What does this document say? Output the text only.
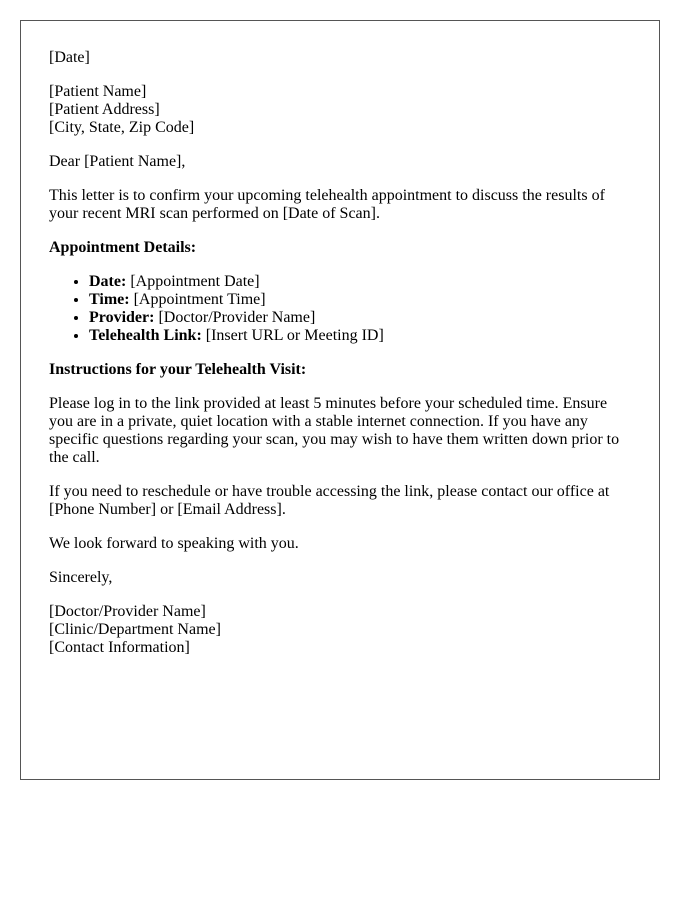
[Date]

[Patient Name]
[Patient Address]
[City, State, Zip Code]

Dear [Patient Name],

This letter is to confirm your upcoming telehealth appointment to discuss the results of your recent MRI scan performed on [Date of Scan].

Appointment Details:

• Date: [Appointment Date]
• Time: [Appointment Time]
• Provider: [Doctor/Provider Name]
• Telehealth Link: [Insert URL or Meeting ID]

Instructions for your Telehealth Visit:

Please log in to the link provided at least 5 minutes before your scheduled time. Ensure you are in a private, quiet location with a stable internet connection. If you have any specific questions regarding your scan, you may wish to have them written down prior to the call.

If you need to reschedule or have trouble accessing the link, please contact our office at [Phone Number] or [Email Address].

We look forward to speaking with you.

Sincerely,

[Doctor/Provider Name]
[Clinic/Department Name]
[Contact Information]
